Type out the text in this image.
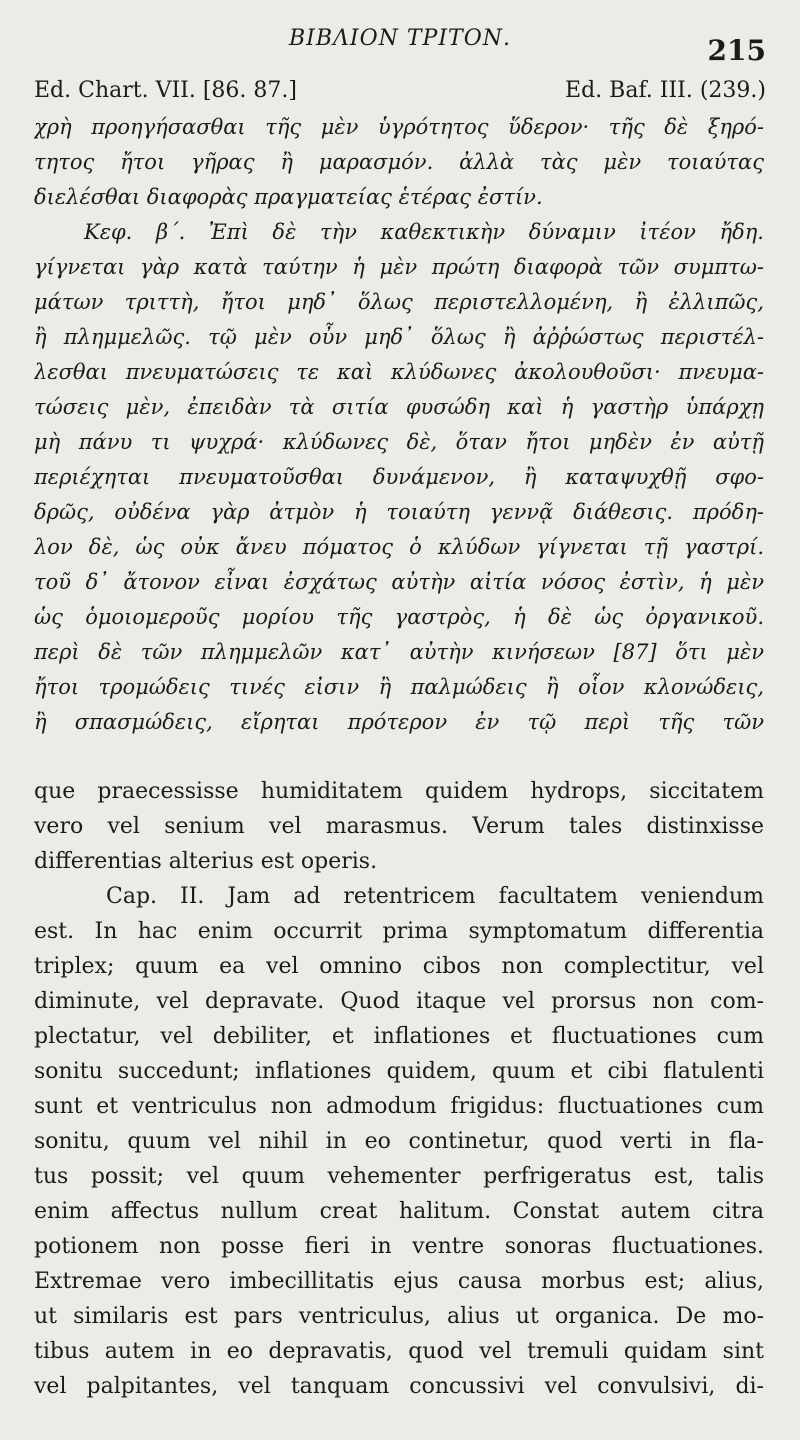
ΒΙΒΛΙΟΝ ΤΡΙΤΟΝ.	215
Ed. Chart. VII. [86. 87.]	Ed. Baf. III. (239.)
χρὴ προηγήσασθαι τῆς μὲν ὑγρότητος ὕδερον· τῆς δὲ ξηρό-
τητος ἤτοι γῆρας ἢ μαρασμόν. ἀλλὰ τὰς μὲν τοιαύτας
διελέσθαι διαφορὰς πραγματείας ἑτέρας ἐστίν.
Κεφ. β΄. Ἐπὶ δὲ τὴν καθεκτικὴν δύναμιν ἰτέον ἤδη.
γίγνεται γὰρ κατὰ ταύτην ἡ μὲν πρώτη διαφορὰ τῶν συμπτω-
μάτων τριττὴ, ἤτοι μηδ᾽ ὅλως περιστελλομένη, ἢ ἐλλιπῶς,
ἢ πλημμελῶς. τῷ μὲν οὖν μηδ᾽ ὅλως ἢ ἀῤῥώστως περιστέλ-
λεσθαι πνευματώσεις τε καὶ κλύδωνες ἀκολουθοῦσι· πνευμα-
τώσεις μὲν, ἐπειδὰν τὰ σιτία φυσώδη καὶ ἡ γαστὴρ ὑπάρχῃ
μὴ πάνυ τι ψυχρά· κλύδωνες δὲ, ὅταν ἤτοι μηδὲν ἐν αὐτῇ
περιέχηται πνευματοῦσθαι δυνάμενον, ἢ καταψυχθῇ σφο-
δρῶς, οὐδένα γὰρ ἀτμὸν ἡ τοιαύτη γεννᾷ διάθεσις. πρόδη-
λον δὲ, ὡς οὐκ ἄνευ πόματος ὁ κλύδων γίγνεται τῇ γαστρί.
τοῦ δ᾽ ἄτονον εἶναι ἐσχάτως αὐτὴν αἰτία νόσος ἐστὶν, ἡ μὲν
ὡς ὁμοιομεροῦς μορίου τῆς γαστρὸς, ἡ δὲ ὡς ὀργανικοῦ.
περὶ δὲ τῶν πλημμελῶν κατ᾽ αὐτὴν κινήσεων [87] ὅτι μὲν
ἤτοι τρομώδεις τινές εἰσιν ἢ παλμώδεις ἢ οἷον κλονώδεις,
ἢ σπασμώδεις, εἴρηται πρότερον ἐν τῷ περὶ τῆς τῶν
que praecessisse humiditatem quidem hydrops, siccitatem
vero vel senium vel marasmus. Verum tales distinxisse
differentias alterius est operis.
Cap. II. Jam ad retentricem facultatem veniendum
est. In hac enim occurrit prima symptomatum differentia
triplex; quum ea vel omnino cibos non complectitur, vel
diminute, vel depravate. Quod itaque vel prorsus non com-
plectatur, vel debiliter, et inflationes et fluctuationes cum
sonitu succedunt; inflationes quidem, quum et cibi flatulenti
sunt et ventriculus non admodum frigidus: fluctuationes cum
sonitu, quum vel nihil in eo continetur, quod verti in fla-
tus possit; vel quum vehementer perfrigeratus est, talis
enim affectus nullum creat halitum. Constat autem citra
potionem non posse fieri in ventre sonoras fluctuationes.
Extremae vero imbecillitatis ejus causa morbus est; alius,
ut similaris est pars ventriculus, alius ut organica. De mo-
tibus autem in eo depravatis, quod vel tremuli quidam sint
vel palpitantes, vel tanquam concussivi vel convulsivi, di-
